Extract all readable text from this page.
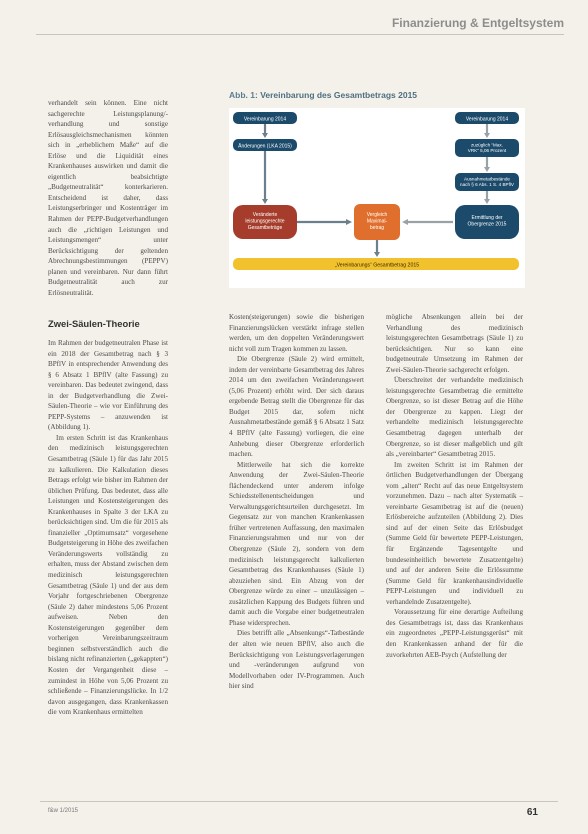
Finanzierung & Entgeltsystem

verhandelt sein können. Eine nicht sachgerechte Leistungsplanung/-verhandlung und sonstige Erlösausgleichsmechanismen könnten sich in „erheblichem Maße“ auf die Erlöse und die Liquidität eines Krankenhauses auswirken und damit die eigentlich beabsichtigte „Budgetneutralität“ konterkarieren. Entscheidend ist daher, dass Leistungserbringer und Kostenträger im Rahmen der PEPP-Budgetverhandlungen auch die „richtigen Leistungen und Leistungsmengen“ unter Berücksichtigung der geltenden Abrechnungsbestimmungen (PEPPV) planen und vereinbaren. Nur dann führt Budgetneutralität auch zur Erlösneutralität.

Zwei-Säulen-Theorie

Im Rahmen der budgetneutralen Phase ist ein 2018 der Gesamtbetrag nach § 3 BPflV in entsprechender Anwendung des § 6 Absatz 1 BPflV (alte Fassung) zu vereinbaren. Das bedeutet zwingend, dass in der Budgetverhandlung die Zwei-Säulen-Theorie – wie vor Einführung des PEPP-Systems – anzuwenden ist (Abbildung 1).

Im ersten Schritt ist das Krankenhaus den medizinisch leistungsgerechten Gesamtbetrag (Säule 1) für das Jahr 2015 zu kalkulieren. Die Kalkulation dieses Betrags erfolgt wie bisher im Rahmen der üblichen Prüfung. Das bedeutet, dass alle Leistungen und Kostensteigerungen des Krankenhauses in Spalte 3 der LKA zu berücksichtigen sind. Um die für 2015 als finanzieller „Optimumsatz“ vorgesehene Budgetsteigerung in Höhe des zweifachen Veränderungswerts vollständig zu erhalten, muss der Abstand zwischen dem medizinisch leistungsgerechten Gesamtbetrag (Säule 1) und der aus dem Vorjahr fortgeschriebenen Obergrenze (Säule 2) daher mindestens 5,06 Prozent aufweisen. Neben den Kostensteigerungen gegenüber dem vorherigen Vereinbarungszeitraum beginnen selbstverständlich auch die bislang nicht refinanzierten („gekappten“) Kosten der Vergangenheit diese – zumindest in Höhe von 5,06 Prozent zu schließende – Finanzierungslücke. In 1/2 davon ausgegangen, dass Krankenkassen die vom Krankenhaus ermittelten

Abb. 1: Vereinbarung des Gesamtbetrags 2015
Vereinbarung 2014
Änderungen (LKA 2015)
Veränderte leistungsgerechte Gesamtbeträge
Vergleich Maximal-betrag
Vereinbarung 2014
zuzüglich "Max. VRK" 5,06 Prozent
Ausnahmetatbestände nach § 6 Abs. 1 S. 4 BPflV
Ermittlung der Obergrenze 2015
„Vereinbarungs“ Gesamtbetrag 2015

Kosten(steigerungen) sowie die bisherigen Finanzierungslücken verstärkt infrage stellen werden, um den doppelten Veränderungswert nicht voll zum Tragen kommen zu lassen.

Die Obergrenze (Säule 2) wird ermittelt, indem der vereinbarte Gesamtbetrag des Jahres 2014 um den zweifachen Veränderungswert (5,06 Prozent) erhöht wird. Der sich daraus ergebende Betrag stellt die Obergrenze für das Budget 2015 dar, sofern nicht Ausnahmetatbestände gemäß § 6 Absatz 1 Satz 4 BPflV (alte Fassung) vorliegen, die eine Anhebung dieser Obergrenze erforderlich machen.

Mittlerweile hat sich die korrekte Anwendung der Zwei-Säulen-Theorie flächendeckend unter anderem infolge Schiedsstellenentscheidungen und Verwaltungsgerichtsurteilen durchgesetzt. Im Gegensatz zur von manchen Krankenkassen früher vertretenen Auffassung, den maximalen Finanzierungsrahmen und nur von der Obergrenze (Säule 2), sondern von dem medizinisch leistungsgerecht kalkulierten Gesamtbetrag des Krankenhauses (Säule 1) abzuziehen sind. Ein Abzug von der Obergrenze würde zu einer – unzulässigen – zusätzlichen Kappung des Budgets führen und damit auch die Vorgabe einer budgetneutralen Phase widersprechen.

Dies betrifft alle „Absenkungs“-Tatbestände der alten wie neuen BPflV, also auch die Berücksichtigung von Leistungsverlagerungen und -veränderungen aufgrund von Modellvorhaben oder IV-Programmen. Auch hier sind

mögliche Absenkungen allein bei der Verhandlung des medizinisch leistungsgerechten Gesamtbetrags (Säule 1) zu berücksichtigen. Nur so kann eine budgetneutrale Umsetzung im Rahmen der Zwei-Säulen-Theorie sachgerecht erfolgen.

Überschreitet der verhandelte medizinisch leistungsgerechte Gesamtbetrag die ermittelte Obergrenze, so ist dieser Betrag auf die Höhe der Obergrenze zu kappen. Liegt der verhandelte medizinisch leistungsgerechte Gesamtbetrag dagegen unterhalb der Obergrenze, so ist dieser maßgeblich und gilt als „vereinbarter“ Gesamtbetrag 2015.

Im zweiten Schritt ist im Rahmen der örtlichen Budgetverhandlungen der Übergang vom „alten“ Recht auf das neue Entgeltsystem vorzunehmen. Dazu – nach alter Systematik – vereinbarte Gesamtbetrag ist auf die (neuen) Erlösbereiche aufzuteilen (Abbildung 2). Dies sind auf der einen Seite das Erlösbudget (Summe Geld für bewertete PEPP-Leistungen, für Ergänzende Tagesentgelte und bundeseinheitlich bewertete Zusatzentgelte) und auf der anderen Seite die Erlössumme (Summe Geld für krankenhausindividuelle PEPP-Leistungen und individuell zu verhandelnde Zusatzentgelte).

Voraussetzung für eine derartige Aufteilung des Gesamtbetrags ist, dass das Krankenhaus ein zugeordnetes „PEPP-Leistungsgerüst“ mit den Krankenkassen anhand der für die zuvorkehrten AEB-Psych (Aufstellung der

f&w 1/2015	61
